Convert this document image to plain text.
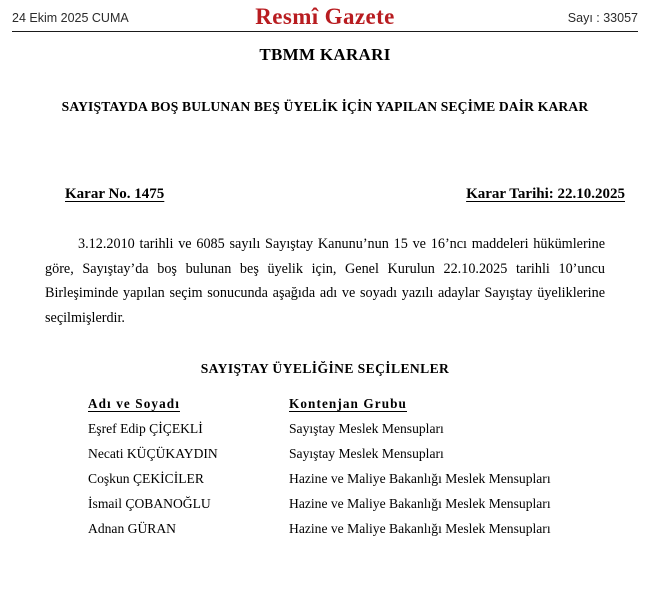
24 Ekim 2025 CUMA	Resmî Gazete	Sayı : 33057
TBMM KARARI
SAYIŞTAYDA BOŞ BULUNAN BEŞ ÜYELİK İÇİN YAPILAN SEÇİME DAİR KARAR
Karar No. 1475	Karar Tarihi: 22.10.2025
3.12.2010 tarihli ve 6085 sayılı Sayıştay Kanunu’nun 15 ve 16’ncı maddeleri hükümlerine göre, Sayıştay’da boş bulunan beş üyelik için, Genel Kurulun 22.10.2025 tarihli 10’uncu Birleşiminde yapılan seçim sonucunda aşağıda adı ve soyadı yazılı adaylar Sayıştay üyeliklerine seçilmişlerdir.
SAYIŞTAY ÜYELİĞİNE SEÇİLENLER
Adı ve Soyadı	Kontenjan Grubu
Eşref Edip ÇİÇEKLİ	Sayıştay Meslek Mensupları
Necati KÜÇÜKAYDIN	Sayıştay Meslek Mensupları
Coşkun ÇEKİCİLER	Hazine ve Maliye Bakanlığı Meslek Mensupları
İsmail ÇOBANOĞLU	Hazine ve Maliye Bakanlığı Meslek Mensupları
Adnan GÜRAN	Hazine ve Maliye Bakanlığı Meslek Mensupları
